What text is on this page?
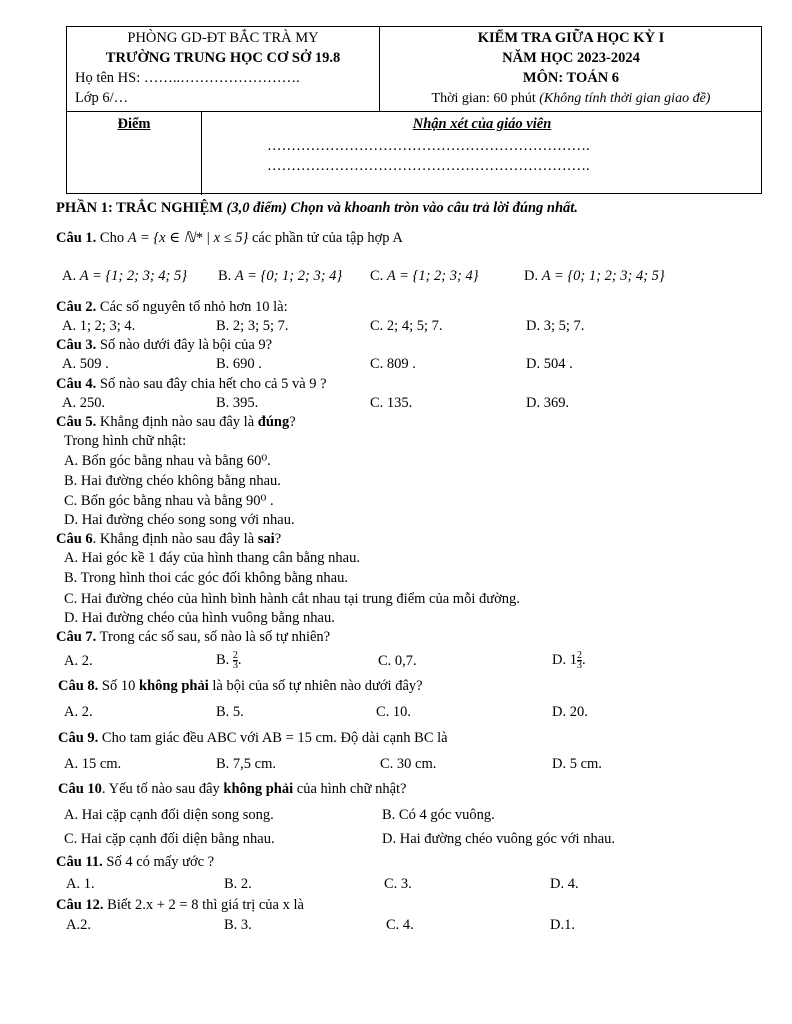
PHÒNG GD-ĐT BẮC TRÀ MY
TRƯỜNG TRUNG HỌC CƠ SỞ 19.8
Họ tên HS: ……..…………………….
Lớp 6/…
KIỂM TRA GIỮA HỌC KỲ I
NĂM HỌC 2023-2024
MÔN: TOÁN 6
Thời gian: 60 phút (Không tính thời gian giao đề)
Điểm	Nhận xét của giáo viên
………………………………………………………….
………………………………………………………….
PHẦN 1: TRẮC NGHIỆM (3,0 điểm) Chọn và khoanh tròn vào câu trả lời đúng nhất.
Câu 1. Cho A = {x ∈ ℕ* | x ≤ 5} các phần tử của tập hợp A
A. A = {1; 2; 3; 4; 5} B. A = {0; 1; 2; 3; 4} C. A = {1; 2; 3; 4}	D. A = {0; 1; 2; 3; 4; 5}
Câu 2. Các số nguyên tố nhỏ hơn 10 là:
A. 1; 2; 3; 4.	B. 2; 3; 5; 7.	C. 2; 4; 5; 7.	D. 3; 5; 7.
Câu 3. Số nào dưới đây là bội của 9?
A. 509 .	B. 690 .	C. 809 .	D. 504 .
Câu 4. Số nào sau đây chia hết cho cả 5 và 9 ?
A. 250.	B. 395.	C. 135.	D. 369.
Câu 5. Khẳng định nào sau đây là đúng?
Trong hình chữ nhật:
A. Bốn góc bằng nhau và bằng 60⁰.
B. Hai đường chéo không bằng nhau.
C. Bốn góc bằng nhau và bằng 90⁰ .
D. Hai đường chéo song song với nhau.
Câu 6. Khẳng định nào sau đây là sai?
A. Hai góc kề 1 đáy của hình thang cân bằng nhau.
B. Trong hình thoi các góc đối không bằng nhau.
C. Hai đường chéo của hình bình hành cắt nhau tại trung điểm của mỗi đường.
D. Hai đường chéo của hình vuông bằng nhau.
Câu 7. Trong các số sau, số nào là số tự nhiên?
A. 2.	B. $\frac{2}{3}$ .	C. 0,7.	D. $1 \frac{2}{3}$ .
Câu 8. Số 10 không phải là bội của số tự nhiên nào dưới đây?
A. 2.	B. 5.	C. 10.	D. 20.
Câu 9. Cho tam giác đều ABC với AB = 15 cm. Độ dài cạnh BC là
A. 15 cm.	B. 7,5 cm.	C. 30 cm.	D. 5 cm.
Câu 10. Yếu tố nào sau đây không phải của hình chữ nhật?
A. Hai cặp cạnh đối diện song song.	B. Có 4 góc vuông.
C. Hai cặp cạnh đối diện bằng nhau.	D. Hai đường chéo vuông góc với nhau.
Câu 11. Số 4 có mấy ước ?
A. 1.	B. 2.	C. 3.	D. 4.
Câu 12. Biết 2.x + 2 = 8 thì giá trị của x là
A.2.	B. 3.	C. 4.	D.1.
